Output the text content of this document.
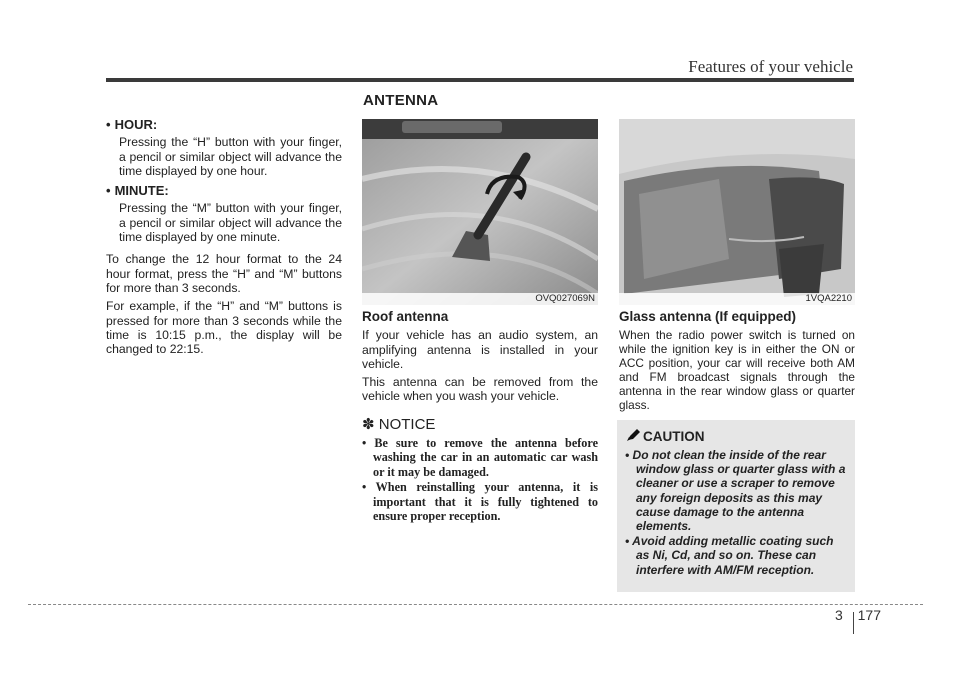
Features of your vehicle
ANTENNA
• HOUR:
Pressing the “H” button with your finger, a pencil or similar object will advance the time displayed by one hour.
• MINUTE:
Pressing the “M” button with your finger, a pencil or similar object will advance the time displayed by one minute.
To change the 12 hour format to the 24 hour format, press the “H” and “M” buttons for more than 3 seconds.
For example, if the “H” and “M” buttons is pressed for more than 3 seconds while the time is 10:15 p.m., the display will be changed to 22:15.
OVQ027069N	1VQA2210
Roof antenna

If your vehicle has an audio system, an amplifying antenna is installed in your vehicle.

This antenna can be removed from the vehicle when you wash your vehicle.

✽ NOTICE
• Be sure to remove the antenna before washing the car in an automatic car wash or it may be damaged.
• When reinstalling your antenna, it is important that it is fully tightened to ensure proper reception.
Glass antenna (If equipped)

When the radio power switch is turned on while the ignition key is in either the ON or ACC position, your car will receive both AM and FM broadcast signals through the antenna in the rear window glass or quarter glass.

CAUTION
• Do not clean the inside of the rear window glass or quarter glass with a cleaner or use a scraper to remove any foreign deposits as this may cause damage to the antenna elements.
• Avoid adding metallic coating such as Ni, Cd, and so on. These can interfere with AM/FM reception.
3 177
